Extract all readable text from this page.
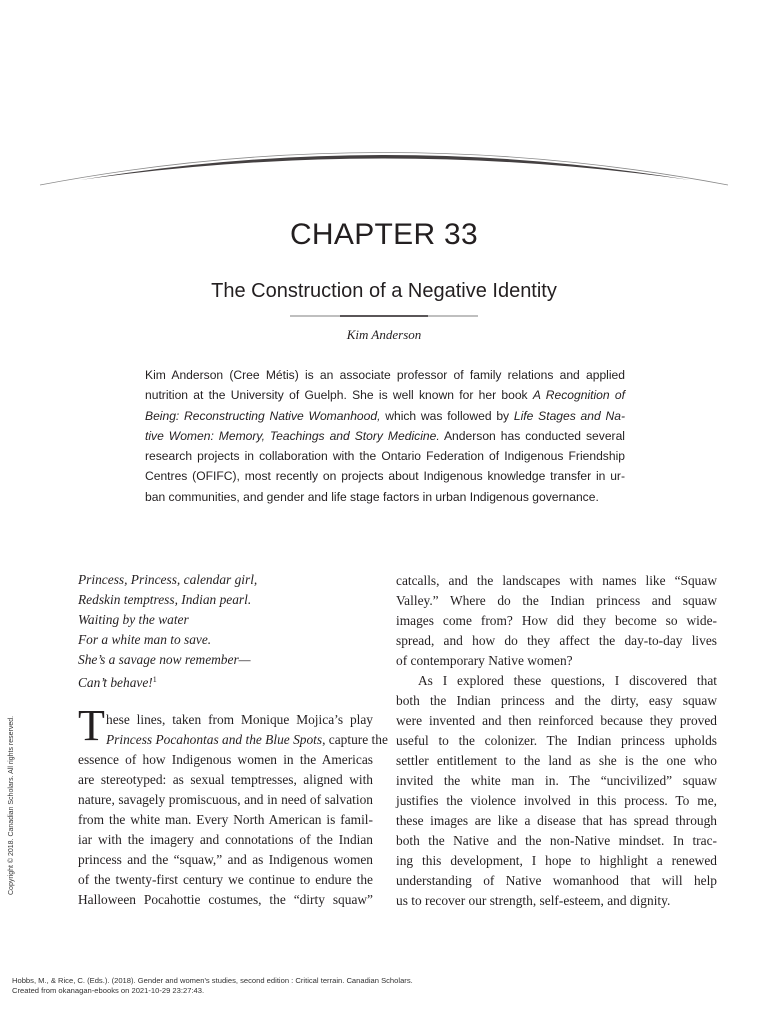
CHAPTER 33
The Construction of a Negative Identity
Kim Anderson
Kim Anderson (Cree Métis) is an associate professor of family relations and applied
nutrition at the University of Guelph. She is well known for her book A Recognition of
Being: Reconstructing Native Womanhood, which was followed by Life Stages and Na-
tive Women: Memory, Teachings and Story Medicine. Anderson has conducted several
research projects in collaboration with the Ontario Federation of Indigenous Friendship
Centres (OFIFC), most recently on projects about Indigenous knowledge transfer in ur-
ban communities, and gender and life stage factors in urban Indigenous governance.
Princess, Princess, calendar girl,
Redskin temptress, Indian pearl.
Waiting by the water
For a white man to save.
She’s a savage now remember—
Can’t behave!$^1$
T hese lines, taken from Monique Mojica’s play
Princess Pocahontas and the Blue Spots, capture the
essence of how Indigenous women in the Americas
are stereotyped: as sexual temptresses, aligned with
nature, savagely promiscuous, and in need of salvation
from the white man. Every North American is famil-
iar with the imagery and connotations of the Indian
princess and the “squaw,” and as Indigenous women
of the twenty-first century we continue to endure the
Halloween Pocahottie costumes, the “dirty squaw”
catcalls, and the landscapes with names like “Squaw
Valley.” Where do the Indian princess and squaw
images come from? How did they become so wide-
spread, and how do they affect the day-to-day lives
of contemporary Native women?
As I explored these questions, I discovered that
both the Indian princess and the dirty, easy squaw
were invented and then reinforced because they proved
useful to the colonizer. The Indian princess upholds
settler entitlement to the land as she is the one who
invited the white man in. The “uncivilized” squaw
justifies the violence involved in this process. To me,
these images are like a disease that has spread through
both the Native and the non-Native mindset. In trac-
ing this development, I hope to highlight a renewed
understanding of Native womanhood that will help
us to recover our strength, self-esteem, and dignity.
Copyright © 2018. Canadian Scholars. All rights reserved.
Hobbs, M., & Rice, C. (Eds.). (2018). Gender and women's studies, second edition : Critical terrain. Canadian Scholars.
Created from okanagan-ebooks on 2021-10-29 23:27:43.
